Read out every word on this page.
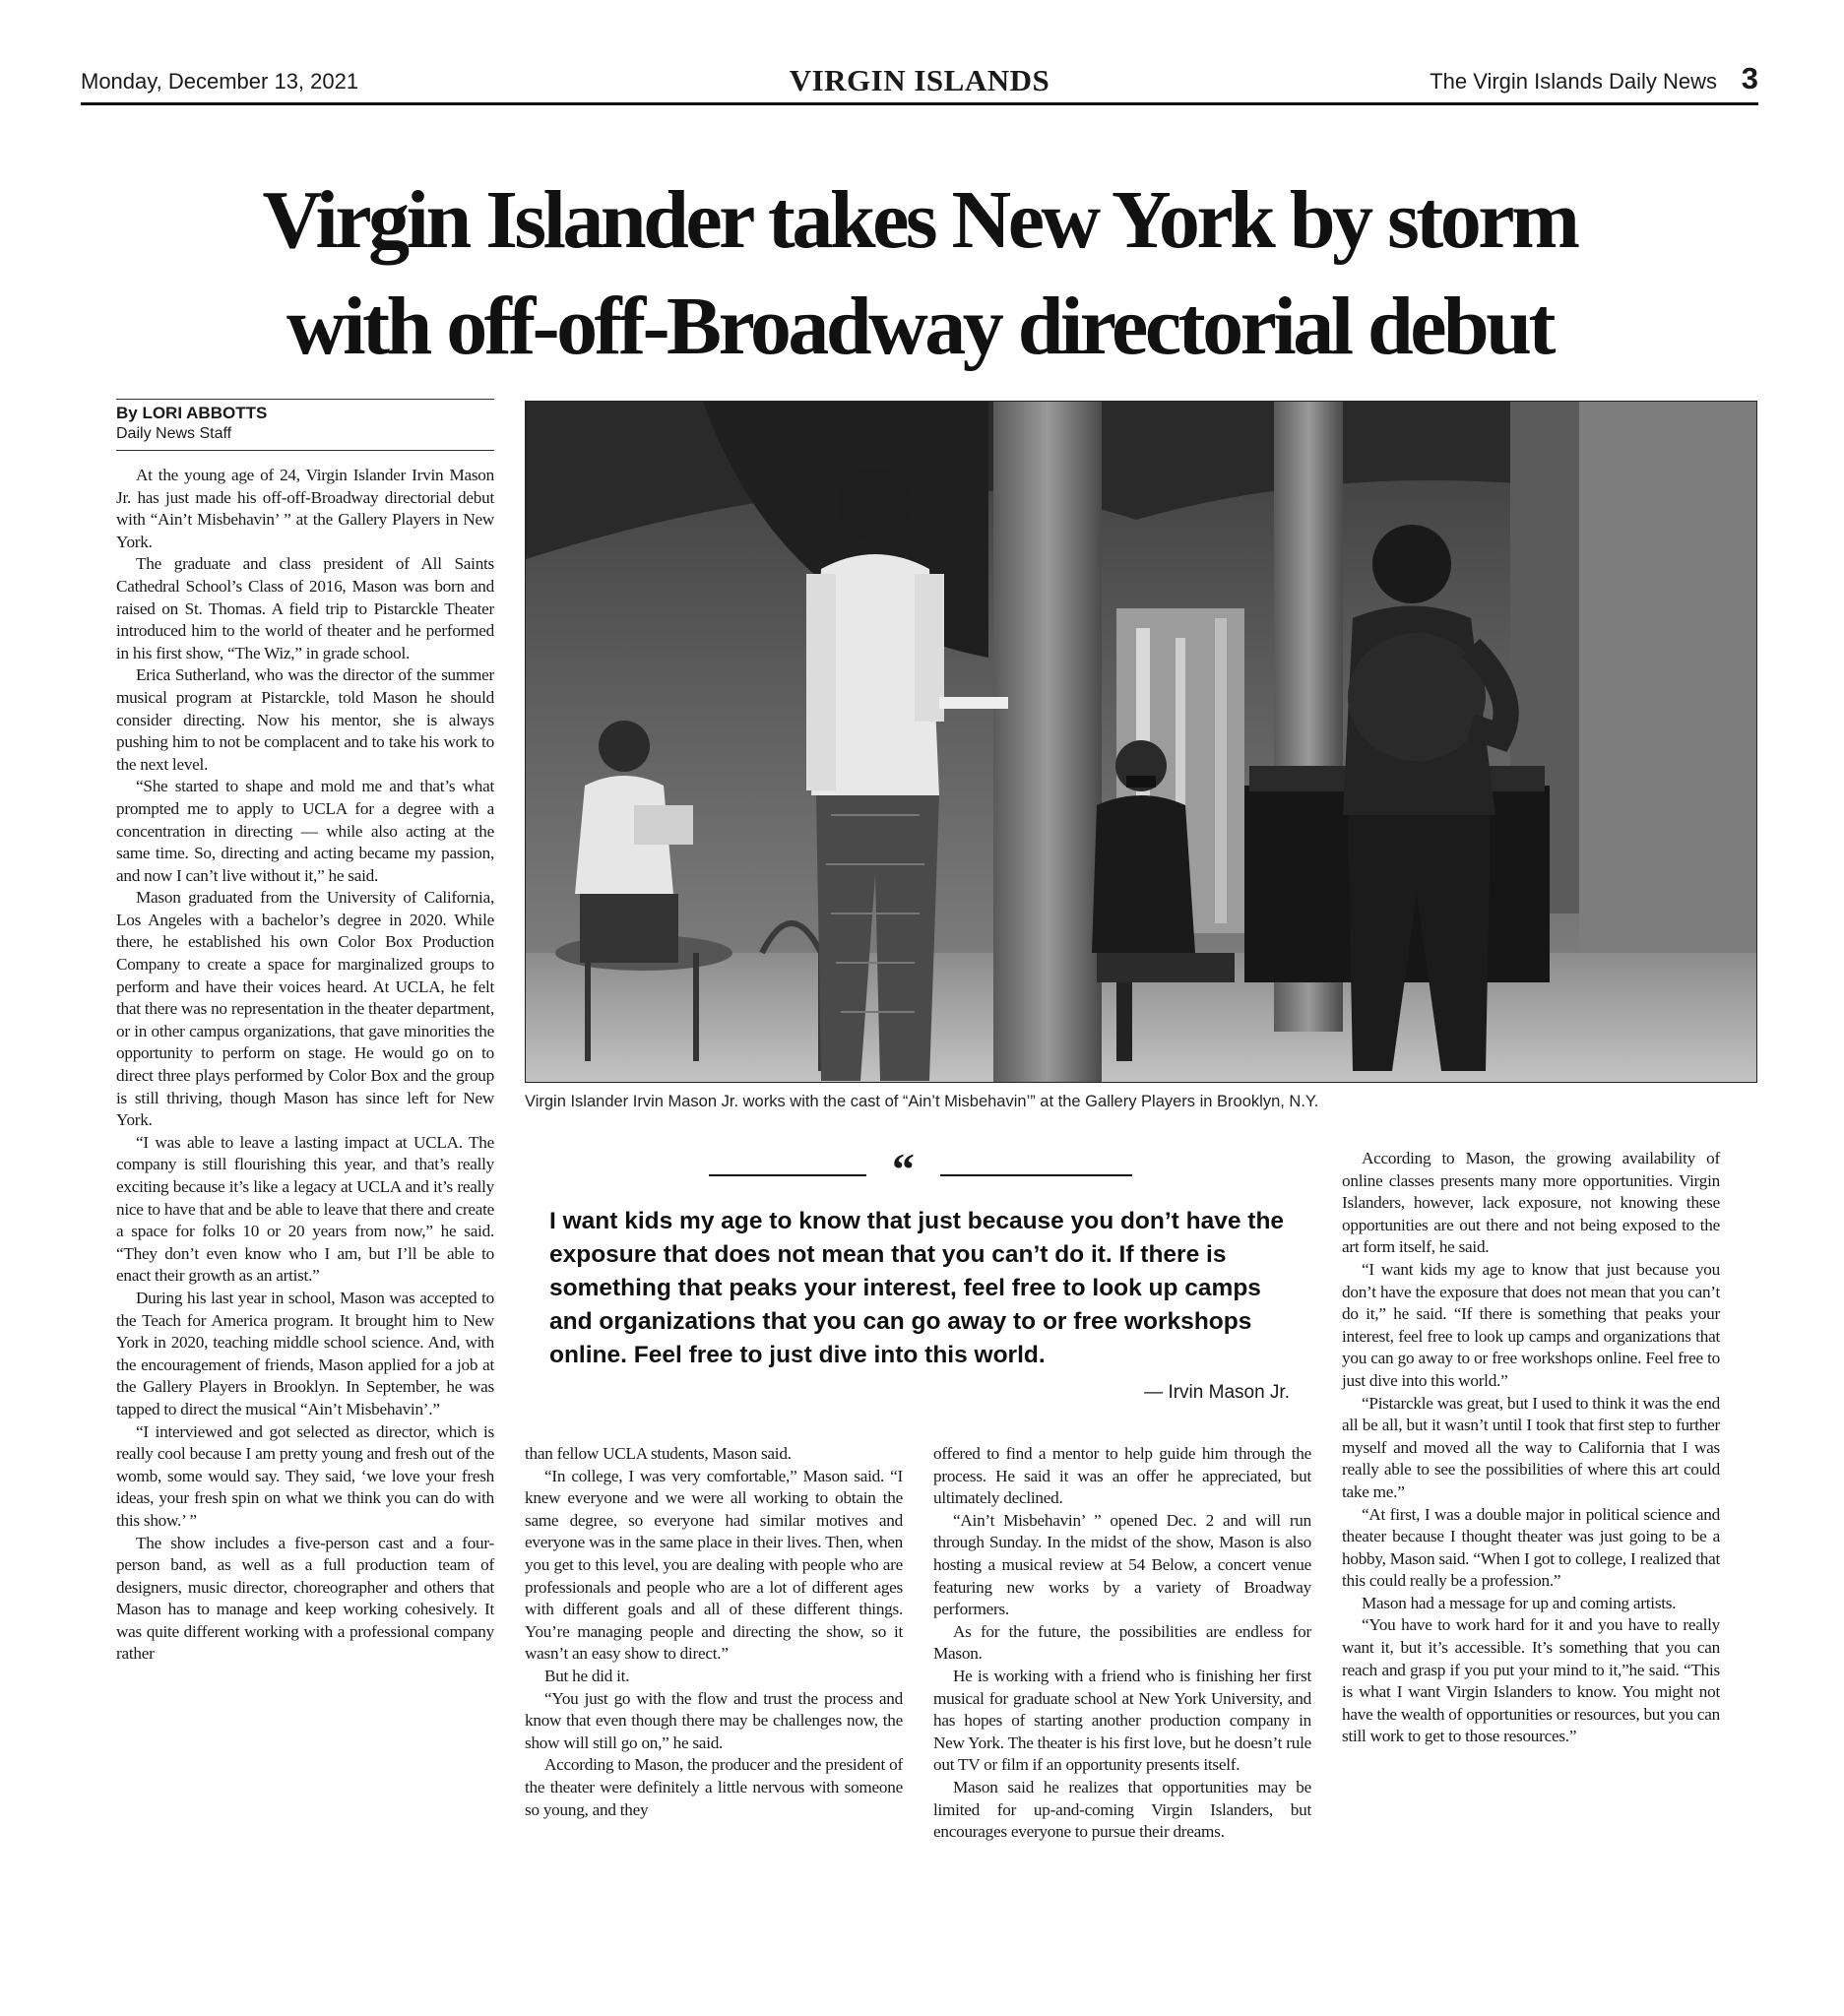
Monday, December 13, 2021	VIRGIN ISLANDS	The Virgin Islands Daily News 3
Virgin Islander takes New York by storm
with off-off-Broadway directorial debut
By LORI ABBOTTS
Daily News Staff
Virgin Islander Irvin Mason Jr. works with the cast of “Ain’t Misbehavin’” at the Gallery Players in Brooklyn, N.Y.
“

I want kids my age to know that just because you don’t have the exposure that does not mean that you can’t do it. If there is something that peaks your interest, feel free to look up camps and organizations that you can go away to or free workshops online. Feel free to just dive into this world.

— Irvin Mason Jr.

At the young age of 24, Virgin Islander Irvin Mason Jr. has just made his off-off-Broadway directorial debut with “Ain’t Misbehavin’ ” at the Gallery Players in New York.

The graduate and class president of All Saints Cathedral School’s Class of 2016, Mason was born and raised on St. Thomas. A field trip to Pistarckle Theater introduced him to the world of theater and he performed in his first show, “The Wiz,” in grade school.

Erica Sutherland, who was the director of the summer musical program at Pistarckle, told Mason he should consider directing. Now his mentor, she is always pushing him to not be complacent and to take his work to the next level.

“She started to shape and mold me and that’s what prompted me to apply to UCLA for a degree with a concentration in directing — while also acting at the same time. So, directing and acting became my passion, and now I can’t live without it,” he said.

Mason graduated from the University of California, Los Angeles with a bachelor’s degree in 2020. While there, he established his own Color Box Production Company to create a space for marginalized groups to perform and have their voices heard. At UCLA, he felt that there was no representation in the theater department, or in other campus organizations, that gave minorities the opportunity to perform on stage. He would go on to direct three plays performed by Color Box and the group is still thriving, though Mason has since left for New York.

“I was able to leave a lasting impact at UCLA. The company is still flourishing this year, and that’s really exciting because it’s like a legacy at UCLA and it’s really nice to have that and be able to leave that there and create a space for folks 10 or 20 years from now,” he said. “They don’t even know who I am, but I’ll be able to enact their growth as an artist.”

During his last year in school, Mason was accepted to the Teach for America program. It brought him to New York in 2020, teaching middle school science. And, with the encouragement of friends, Mason applied for a job at the Gallery Players in Brooklyn. In September, he was tapped to direct the musical “Ain’t Misbehavin’.”

“I interviewed and got selected as director, which is really cool because I am pretty young and fresh out of the womb, some would say. They said, ‘we love your fresh ideas, your fresh spin on what we think you can do with this show.’ ”

The show includes a five-person cast and a four-person band, as well as a full production team of designers, music director, choreographer and others that Mason has to manage and keep working cohesively. It was quite different working with a professional company rather

than fellow UCLA students, Mason said.

“In college, I was very comfortable,” Mason said. “I knew everyone and we were all working to obtain the same degree, so everyone had similar motives and everyone was in the same place in their lives. Then, when you get to this level, you are dealing with people who are professionals and people who are a lot of different ages with different goals and all of these different things. You’re managing people and directing the show, so it wasn’t an easy show to direct.”

But he did it.

“You just go with the flow and trust the process and know that even though there may be challenges now, the show will still go on,” he said.

According to Mason, the producer and the president of the theater were definitely a little nervous with someone so young, and they

offered to find a mentor to help guide him through the process. He said it was an offer he appreciated, but ultimately declined.

“Ain’t Misbehavin’ ” opened Dec. 2 and will run through Sunday. In the midst of the show, Mason is also hosting a musical review at 54 Below, a concert venue featuring new works by a variety of Broadway performers.

As for the future, the possibilities are endless for Mason.

He is working with a friend who is finishing her first musical for graduate school at New York University, and has hopes of starting another production company in New York. The theater is his first love, but he doesn’t rule out TV or film if an opportunity presents itself.

Mason said he realizes that opportunities may be limited for up-and-coming Virgin Islanders, but encourages everyone to pursue their dreams.

According to Mason, the growing availability of online classes presents many more opportunities. Virgin Islanders, however, lack exposure, not knowing these opportunities are out there and not being exposed to the art form itself, he said.

“I want kids my age to know that just because you don’t have the exposure that does not mean that you can’t do it,” he said. “If there is something that peaks your interest, feel free to look up camps and organizations that you can go away to or free workshops online. Feel free to just dive into this world.”

“Pistarckle was great, but I used to think it was the end all be all, but it wasn’t until I took that first step to further myself and moved all the way to California that I was really able to see the possibilities of where this art could take me.”

“At first, I was a double major in political science and theater because I thought theater was just going to be a hobby, Mason said. “When I got to college, I realized that this could really be a profession.”

Mason had a message for up and coming artists.

“You have to work hard for it and you have to really want it, but it’s accessible. It’s something that you can reach and grasp if you put your mind to it,”he said. “This is what I want Virgin Islanders to know. You might not have the wealth of opportunities or resources, but you can still work to get to those resources.”
